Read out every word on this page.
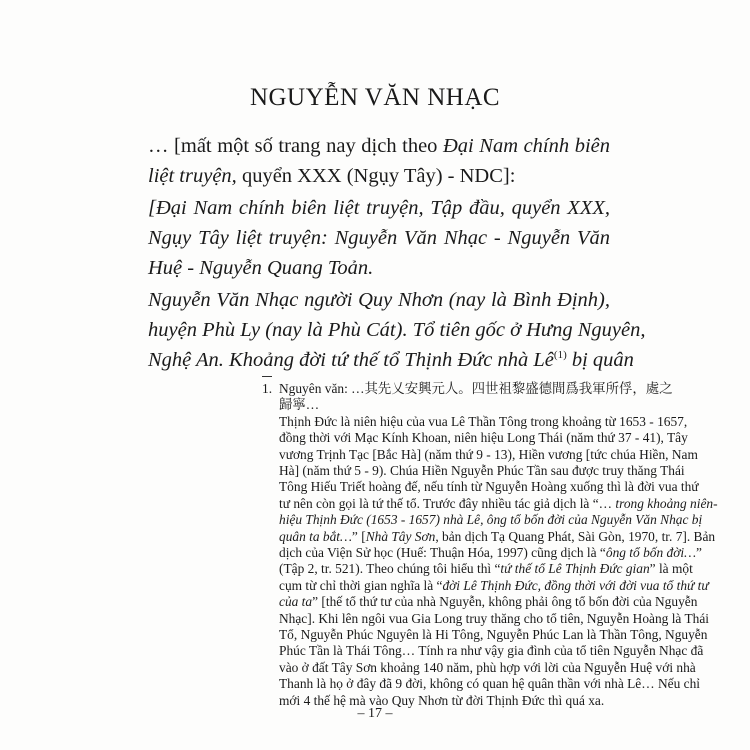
NGUYỄN VĂN NHẠC
… [mất một số trang nay dịch theo Đại Nam chính biên
liệt truyện, quyển XXX (Ngụy Tây) - NDC]:
[Đại Nam chính biên liệt truyện, Tập đầu, quyển XXX,
Ngụy Tây liệt truyện: Nguyễn Văn Nhạc - Nguyễn Văn
Huệ - Nguyễn Quang Toản.
Nguyễn Văn Nhạc người Quy Nhơn (nay là Bình Định),
huyện Phù Ly (nay là Phù Cát). Tổ tiên gốc ở Hưng Nguyên,
Nghệ An. Khoảng đời tứ thế tổ Thịnh Đức nhà $Lê^{(1)}$ bị quân
1. Nguyên văn: …其先乂安興元人。四世祖黎盛德間爲我軍所俘，處之
歸寧…
Thịnh Đức là niên hiệu của vua Lê Thần Tông trong khoảng từ 1653 - 1657,
đồng thời với Mạc Kính Khoan, niên hiệu Long Thái (năm thứ 37 - 41), Tây
vương Trịnh Tạc [Bắc Hà] (năm thứ 9 - 13), Hiền vương [tức chúa Hiền, Nam
Hà] (năm thứ 5 - 9). Chúa Hiền Nguyễn Phúc Tần sau được truy thăng Thái
Tông Hiếu Triết hoàng đế, nếu tính từ Nguyễn Hoàng xuống thì là đời vua thứ
tư nên còn gọi là tứ thế tổ. Trước đây nhiều tác giả dịch là “… trong khoảng niên-
hiệu Thịnh Đức (1653 - 1657) nhà Lê, ông tổ bốn đời của Nguyễn Văn Nhạc bị
quân ta bắt…” [Nhà Tây Sơn, bản dịch Tạ Quang Phát, Sài Gòn, 1970, tr. 7]. Bản
dịch của Viện Sử học (Huế: Thuận Hóa, 1997) cũng dịch là “ông tổ bốn đời…”
(Tập 2, tr. 521). Theo chúng tôi hiểu thì “tứ thế tổ Lê Thịnh Đức gian” là một
cụm từ chỉ thời gian nghĩa là “đời Lê Thịnh Đức, đồng thời với đời vua tổ thứ tư
của ta” [thế tổ thứ tư của nhà Nguyễn, không phải ông tổ bốn đời của Nguyễn
Nhạc]. Khi lên ngôi vua Gia Long truy thăng cho tổ tiên, Nguyễn Hoàng là Thái
Tổ, Nguyễn Phúc Nguyên là Hi Tông, Nguyễn Phúc Lan là Thần Tông, Nguyễn
Phúc Tần là Thái Tông… Tính ra như vậy gia đình của tổ tiên Nguyễn Nhạc đã
vào ở đất Tây Sơn khoảng 140 năm, phù hợp với lời của Nguyễn Huệ với nhà
Thanh là họ ở đây đã 9 đời, không có quan hệ quân thần với nhà Lê… Nếu chỉ
mới 4 thế hệ mà vào Quy Nhơn từ đời Thịnh Đức thì quá xa.
– 17 –
